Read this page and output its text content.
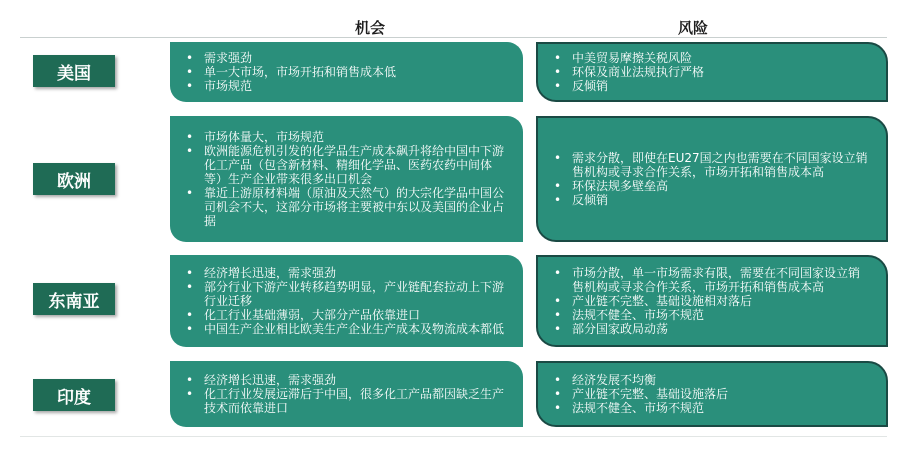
机会	风险
美国
• 需求强劲
• 单一大市场，市场开拓和销售成本低
• 市场规范
• 中美贸易摩擦关税风险
• 环保及商业法规执行严格
• 反倾销
欧洲
• 市场体量大，市场规范
• 欧洲能源危机引发的化学品生产成本飙升将给中国中下游化工产品（包含新材料、精细化学品、医药农药中间体等）生产企业带来很多出口机会
• 靠近上游原材料端（原油及天然气）的大宗化学品中国公司机会不大，这部分市场将主要被中东以及美国的企业占据
• 需求分散，即使在EU27国之内也需要在不同国家设立销售机构或寻求合作关系，市场开拓和销售成本高
• 环保法规多壁垒高
• 反倾销
东南亚
• 经济增长迅速，需求强劲
• 部分行业下游产业转移趋势明显，产业链配套拉动上下游行业迁移
• 化工行业基础薄弱，大部分产品依靠进口
• 中国生产企业相比欧美生产企业生产成本及物流成本都低
• 市场分散，单一市场需求有限，需要在不同国家设立销售机构或寻求合作关系，市场开拓和销售成本高
• 产业链不完整、基础设施相对落后
• 法规不健全、市场不规范
• 部分国家政局动荡
印度
• 经济增长迅速，需求强劲
• 化工行业发展远滞后于中国，很多化工产品都因缺乏生产技术而依靠进口
• 经济发展不均衡
• 产业链不完整、基础设施落后
• 法规不健全、市场不规范
